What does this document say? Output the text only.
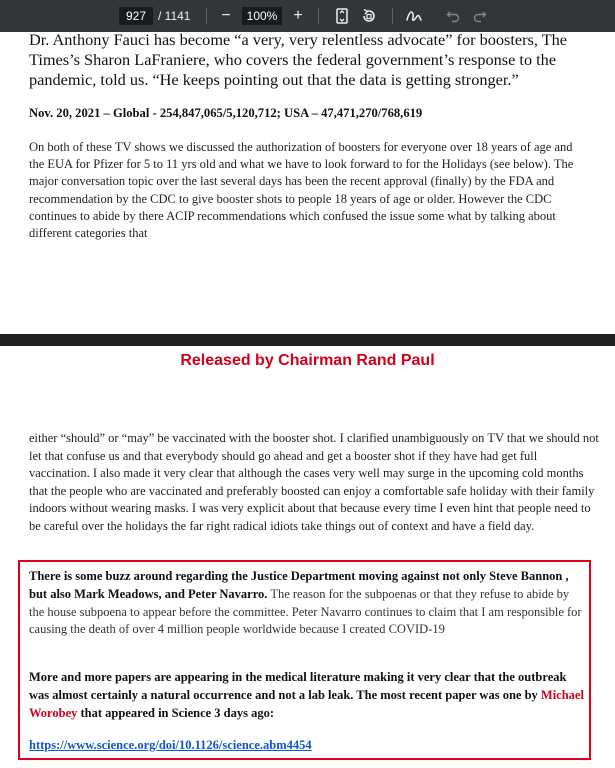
927 / 1141	−	100% +

Dr. Anthony Fauci has become “a very, very relentless advocate” for boosters, The Times’s Sharon LaFraniere, who covers the federal government’s response to the pandemic, told us. “He keeps pointing out that the data is getting stronger.”

Nov. 20, 2021 – Global - 254,847,065/5,120,712; USA – 47,471,270/768,619

On both of these TV shows we discussed the authorization of boosters for everyone over 18 years of age and the EUA for Pfizer for 5 to 11 yrs old and what we have to look forward to for the Holidays (see below). The major conversation topic over the last several days has been the recent approval (finally) by the FDA and recommendation by the CDC to give booster shots to people 18 years of age or older. However the CDC continues to abide by there ACIP recommendations which confused the issue some what by talking about different categories that

Released by Chairman Rand Paul

either “should” or “may” be vaccinated with the booster shot. I clarified unambiguously on TV that we should not let that confuse us and that everybody should go ahead and get a booster shot if they have had get full vaccination. I also made it very clear that although the cases very well may surge in the upcoming cold months that the people who are vaccinated and preferably boosted can enjoy a comfortable safe holiday with their family indoors without wearing masks. I was very explicit about that because every time I even hint that people need to be careful over the holidays the far right radical idiots take things out of context and have a field day.

There is some buzz around regarding the Justice Department moving against not only Steve Bannon , but also Mark Meadows, and Peter Navarro. The reason for the subpoenas or that they refuse to abide by the house subpoena to appear before the committee. Peter Navarro continues to claim that I am responsible for causing the death of over 4 million people worldwide because I created COVID-19

More and more papers are appearing in the medical literature making it very clear that the outbreak was almost certainly a natural occurrence and not a lab leak. The most recent paper was one by Michael Worobey that appeared in Science 3 days ago:

https://www.science.org/doi/10.1126/science.abm4454
